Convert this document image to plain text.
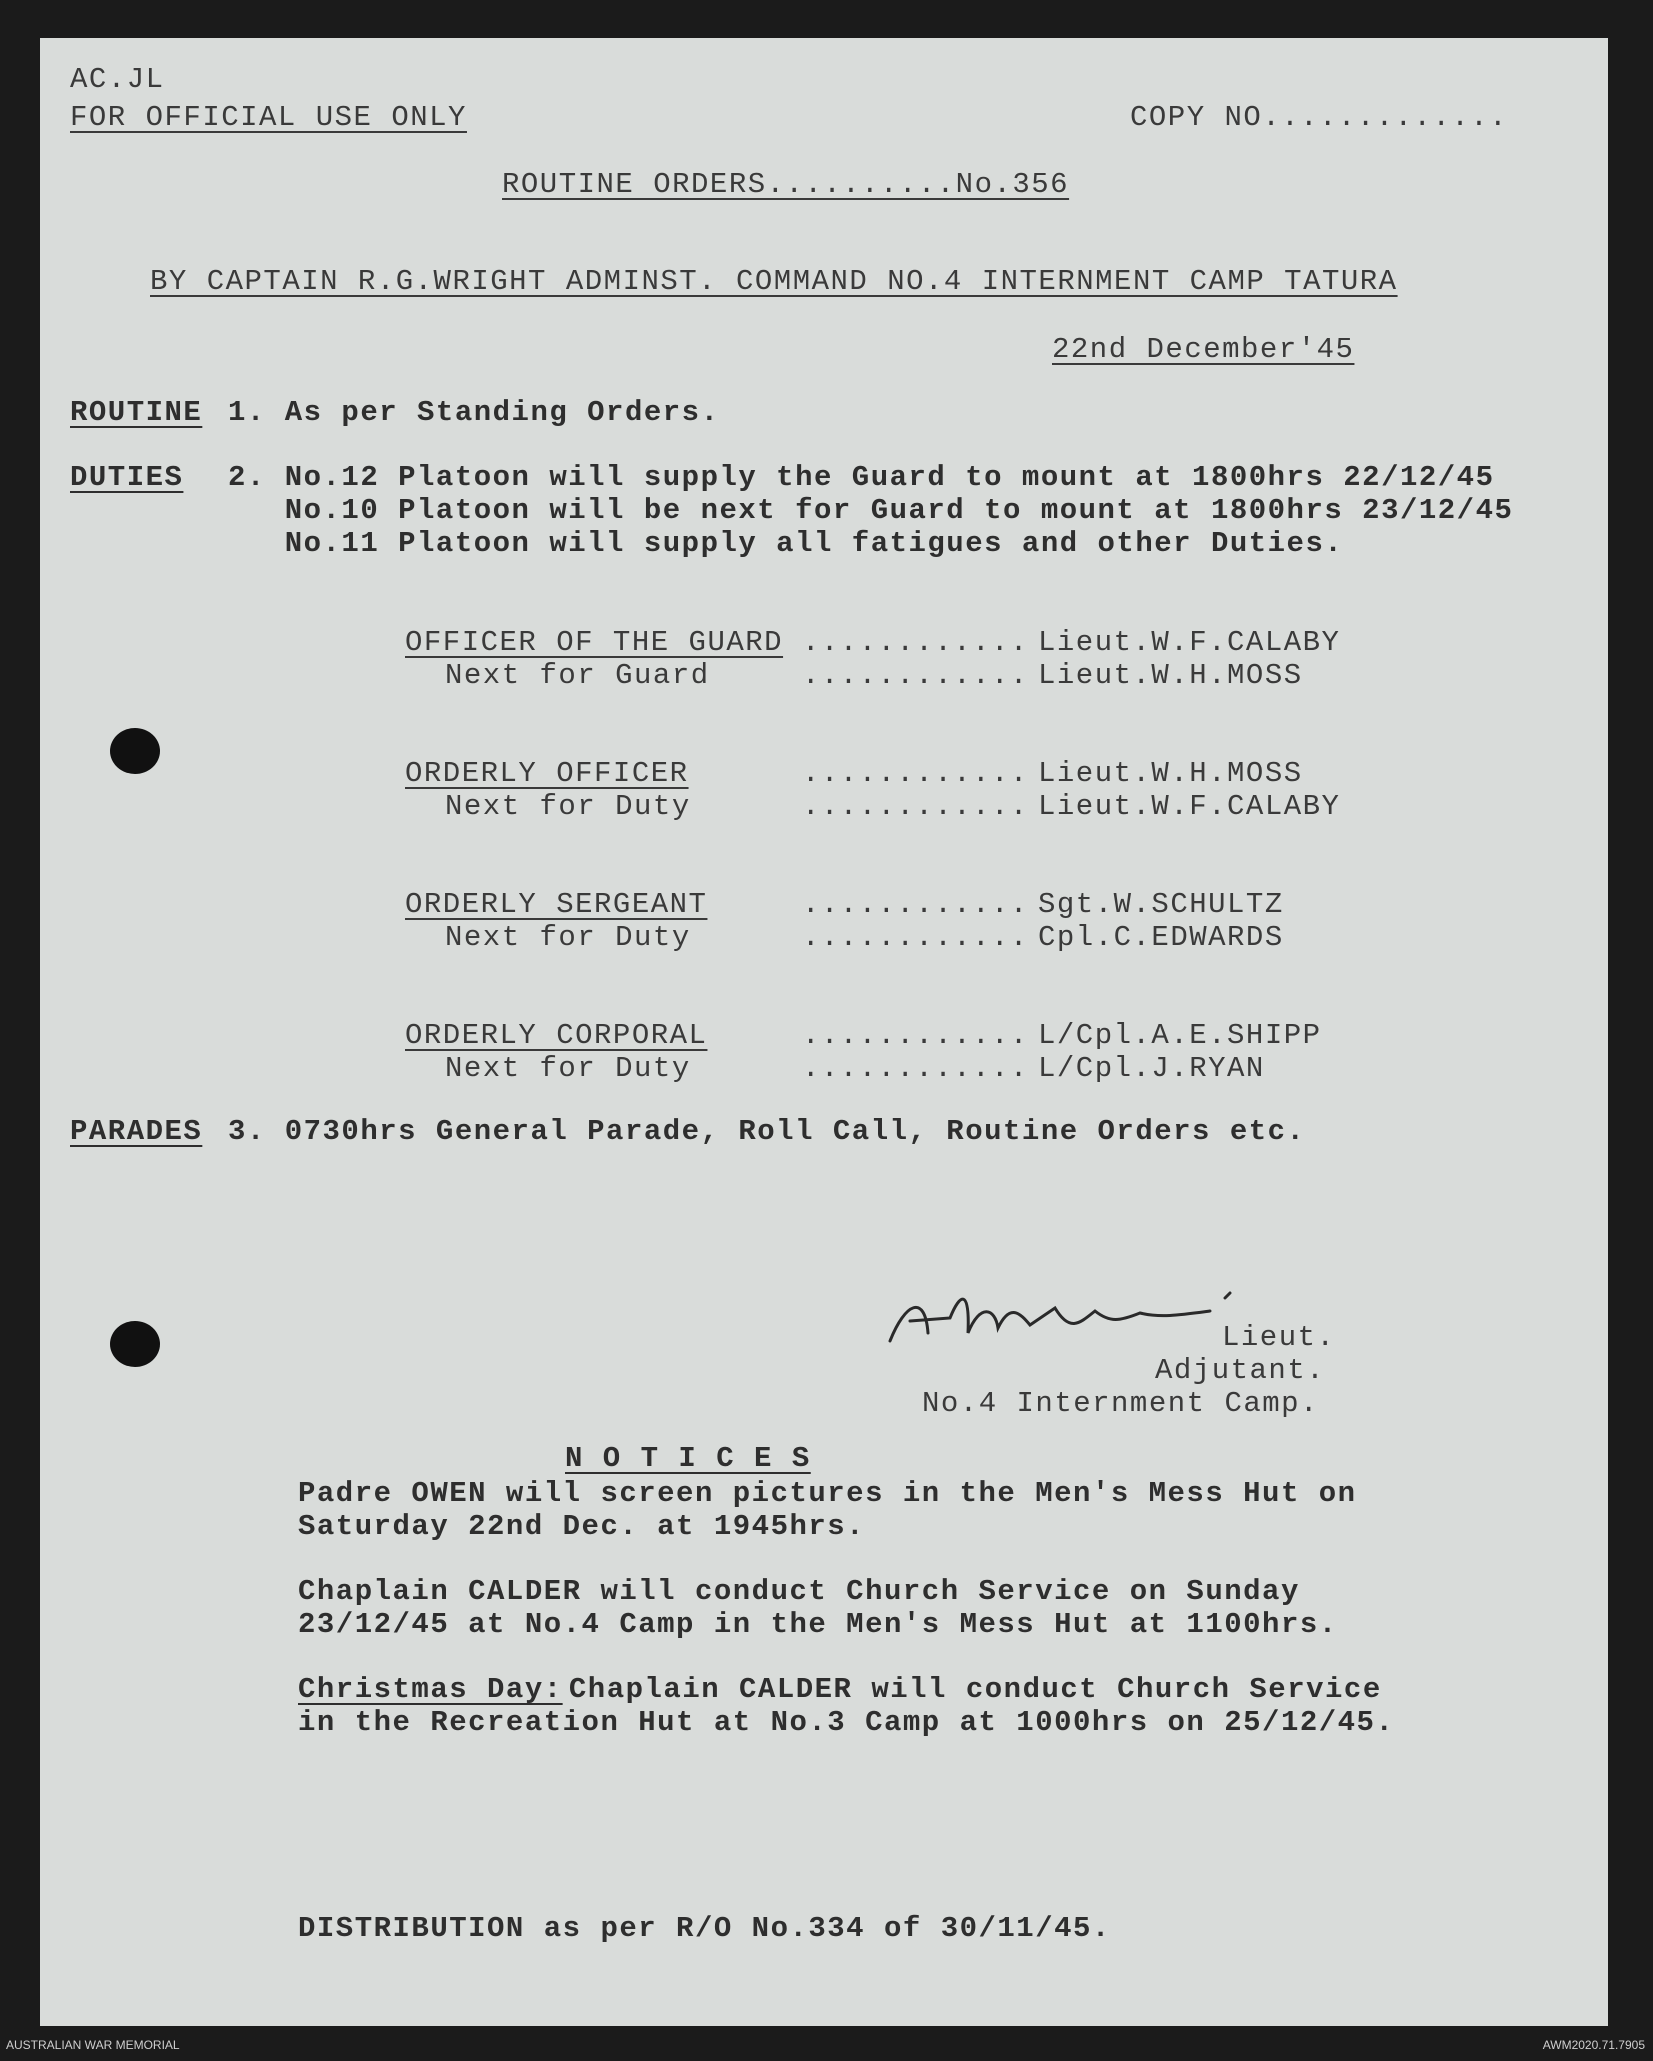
AC.JL
FOR OFFICIAL USE ONLY	COPY NO.............
ROUTINE ORDERS..........No.356
BY CAPTAIN R.G.WRIGHT ADMINST. COMMAND NO.4 INTERNMENT CAMP TATURA
22nd December'45
ROUTINE 1. As per Standing Orders.
DUTIES 2. No.12 Platoon will supply the Guard to mount at 1800hrs 22/12/45
No.10 Platoon will be next for Guard to mount at 1800hrs 23/12/45
No.11 Platoon will supply all fatigues and other Duties.
OFFICER OF THE GUARD ............ Lieut.W.F.CALABY
Next for Guard	............ Lieut.W.H.MOSS
ORDERLY OFFICER	............ Lieut.W.H.MOSS
Next for Duty	............ Lieut.W.F.CALABY
ORDERLY SERGEANT	............ Sgt.W.SCHULTZ
Next for Duty	............ Cpl.C.EDWARDS
ORDERLY CORPORAL	............ L/Cpl.A.E.SHIPP
Next for Duty	............ L/Cpl.J.RYAN
PARADES 3. 0730hrs General Parade, Roll Call, Routine Orders etc.
Lieut.
Adjutant.
No.4 Internment Camp.
N O T I C E S
Padre OWEN will screen pictures in the Men's Mess Hut on
Saturday 22nd Dec. at 1945hrs.
Chaplain CALDER will conduct Church Service on Sunday
23/12/45 at No.4 Camp in the Men's Mess Hut at 1100hrs.
Christmas Day:
Chaplain CALDER will conduct Church Service
in the Recreation Hut at No.3 Camp at 1000hrs on 25/12/45.
DISTRIBUTION as per R/O No.334 of 30/11/45.
AUSTRALIAN WAR MEMORIAL	AWM2020.71.7905
